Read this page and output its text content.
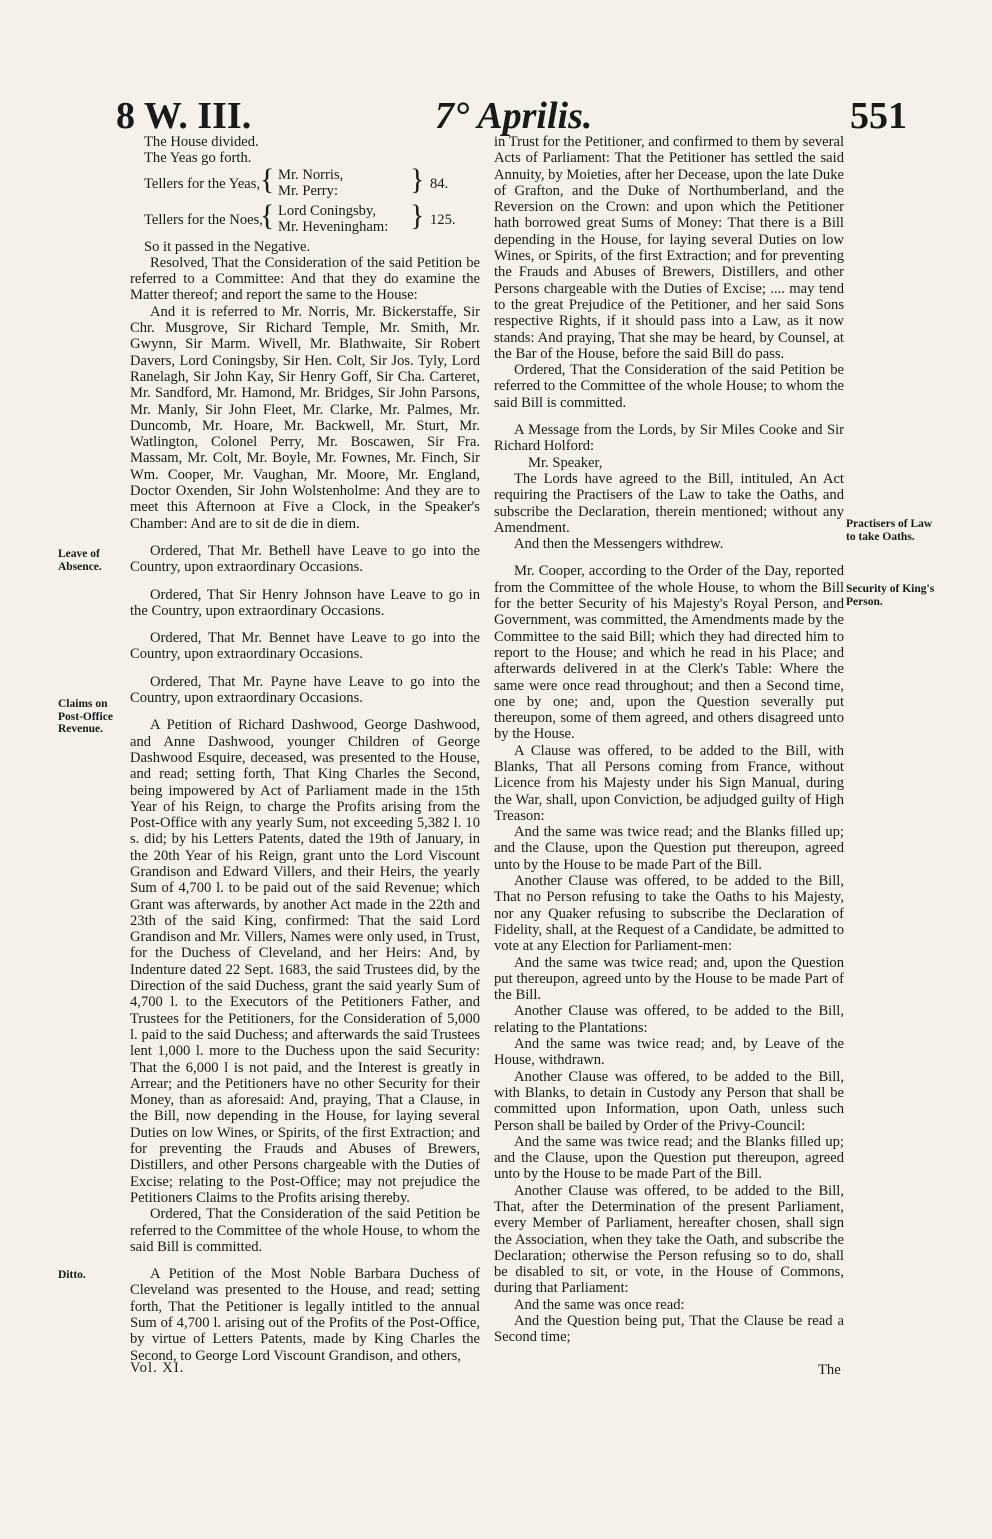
8 W. III.	7° Aprilis.	551
Leave of Absence.
Claims on Post-Office Revenue.
Ditto.
Practisers of Law to take Oaths.
Security of King's Person.

The House divided.

The Yeas go forth.

Tellers for the Yeas, { Mr. Norris,
Mr. Perry: } 84.
Tellers for the Noes,
{ Lord Coningsby,
Mr. Heveningham: } 125.

So it passed in the Negative.

Resolved, That the Consideration of the said Petition be referred to a Committee: And that they do examine the Matter thereof; and report the same to the House:

And it is referred to Mr. Norris, Mr. Bickerstaffe, Sir Chr. Musgrove, Sir Richard Temple, Mr. Smith, Mr. Gwynn, Sir Marm. Wivell, Mr. Blathwaite, Sir Robert Davers, Lord Coningsby, Sir Hen. Colt, Sir Jos. Tyly, Lord Ranelagh, Sir John Kay, Sir Henry Goff, Sir Cha. Carteret, Mr. Sandford, Mr. Hamond, Mr. Bridges, Sir John Parsons, Mr. Manly, Sir John Fleet, Mr. Clarke, Mr. Palmes, Mr. Duncomb, Mr. Hoare, Mr. Backwell, Mr. Sturt, Mr. Watlington, Colonel Perry, Mr. Boscawen, Sir Fra. Massam, Mr. Colt, Mr. Boyle, Mr. Fownes, Mr. Finch, Sir Wm. Cooper, Mr. Vaughan, Mr. Moore, Mr. England, Doctor Oxenden, Sir John Wolstenholme: And they are to meet this Afternoon at Five a Clock, in the Speaker's Chamber: And are to sit de die in diem.

Ordered, That Mr. Bethell have Leave to go into the Country, upon extraordinary Occasions.

Ordered, That Sir Henry Johnson have Leave to go in the Country, upon extraordinary Occasions.

Ordered, That Mr. Bennet have Leave to go into the Country, upon extraordinary Occasions.

Ordered, That Mr. Payne have Leave to go into the Country, upon extraordinary Occasions.

A Petition of Richard Dashwood, George Dashwood, and Anne Dashwood, younger Children of George Dashwood Esquire, deceased, was presented to the House, and read; setting forth, That King Charles the Second, being impowered by Act of Parliament made in the 15th Year of his Reign, to charge the Profits arising from the Post-Office with any yearly Sum, not exceeding 5,382 l. 10 s. did; by his Letters Patents, dated the 19th of January, in the 20th Year of his Reign, grant unto the Lord Viscount Grandison and Edward Villers, and their Heirs, the yearly Sum of 4,700 l. to be paid out of the said Revenue; which Grant was afterwards, by another Act made in the 22th and 23th of the said King, confirmed: That the said Lord Grandison and Mr. Villers, Names were only used, in Trust, for the Duchess of Cleveland, and her Heirs: And, by Indenture dated 22 Sept. 1683, the said Trustees did, by the Direction of the said Duchess, grant the said yearly Sum of 4,700 l. to the Executors of the Petitioners Father, and Trustees for the Petitioners, for the Consideration of 5,000 l. paid to the said Duchess; and afterwards the said Trustees lent 1,000 l. more to the Duchess upon the said Security: That the 6,000 l is not paid, and the Interest is greatly in Arrear; and the Petitioners have no other Security for their Money, than as aforesaid: And, praying, That a Clause, in the Bill, now depending in the House, for laying several Duties on low Wines, or Spirits, of the first Extraction; and for preventing the Frauds and Abuses of Brewers, Distillers, and other Persons chargeable with the Duties of Excise; relating to the Post-Office; may not prejudice the Petitioners Claims to the Profits arising thereby.

Ordered, That the Consideration of the said Petition be referred to the Committee of the whole House, to whom the said Bill is committed.

A Petition of the Most Noble Barbara Duchess of Cleveland was presented to the House, and read; setting forth, That the Petitioner is legally intitled to the annual Sum of 4,700 l. arising out of the Profits of the Post-Office, by virtue of Letters Patents, made by King Charles the Second, to George Lord Viscount Grandison, and others,

Vol. XI.

in Trust for the Petitioner, and confirmed to them by several Acts of Parliament: That the Petitioner has settled the said Annuity, by Moieties, after her Decease, upon the late Duke of Grafton, and the Duke of Northumberland, and the Reversion on the Crown: and upon which the Petitioner hath borrowed great Sums of Money: That there is a Bill depending in the House, for laying several Duties on low Wines, or Spirits, of the first Extraction; and for preventing the Frauds and Abuses of Brewers, Distillers, and other Persons chargeable with the Duties of Excise; .... may tend to the great Prejudice of the Petitioner, and her said Sons respective Rights, if it should pass into a Law, as it now stands: And praying, That she may be heard, by Counsel, at the Bar of the House, before the said Bill do pass.

Ordered, That the Consideration of the said Petition be referred to the Committee of the whole House; to whom the said Bill is committed.

A Message from the Lords, by Sir Miles Cooke and Sir Richard Holford:

Mr. Speaker,

The Lords have agreed to the Bill, intituled, An Act requiring the Practisers of the Law to take the Oaths, and subscribe the Declaration, therein mentioned; without any Amendment.

And then the Messengers withdrew.

Mr. Cooper, according to the Order of the Day, reported from the Committee of the whole House, to whom the Bill for the better Security of his Majesty's Royal Person, and Government, was committed, the Amendments made by the Committee to the said Bill; which they had directed him to report to the House; and which he read in his Place; and afterwards delivered in at the Clerk's Table: Where the same were once read throughout; and then a Second time, one by one; and, upon the Question severally put thereupon, some of them agreed, and others disagreed unto by the House.

A Clause was offered, to be added to the Bill, with Blanks, That all Persons coming from France, without Licence from his Majesty under his Sign Manual, during the War, shall, upon Conviction, be adjudged guilty of High Treason:

And the same was twice read; and the Blanks filled up; and the Clause, upon the Question put thereupon, agreed unto by the House to be made Part of the Bill.

Another Clause was offered, to be added to the Bill, That no Person refusing to take the Oaths to his Majesty, nor any Quaker refusing to subscribe the Declaration of Fidelity, shall, at the Request of a Candidate, be admitted to vote at any Election for Parliament-men:

And the same was twice read; and, upon the Question put thereupon, agreed unto by the House to be made Part of the Bill.

Another Clause was offered, to be added to the Bill, relating to the Plantations:

And the same was twice read; and, by Leave of the House, withdrawn.

Another Clause was offered, to be added to the Bill, with Blanks, to detain in Custody any Person that shall be committed upon Information, upon Oath, unless such Person shall be bailed by Order of the Privy-Council:

And the same was twice read; and the Blanks filled up; and the Clause, upon the Question put thereupon, agreed unto by the House to be made Part of the Bill.

Another Clause was offered, to be added to the Bill, That, after the Determination of the present Parliament, every Member of Parliament, hereafter chosen, shall sign the Association, when they take the Oath, and subscribe the Declaration; otherwise the Person refusing so to do, shall be disabled to sit, or vote, in the House of Commons, during that Parliament:

And the same was once read:

And the Question being put, That the Clause be read a Second time;

The
